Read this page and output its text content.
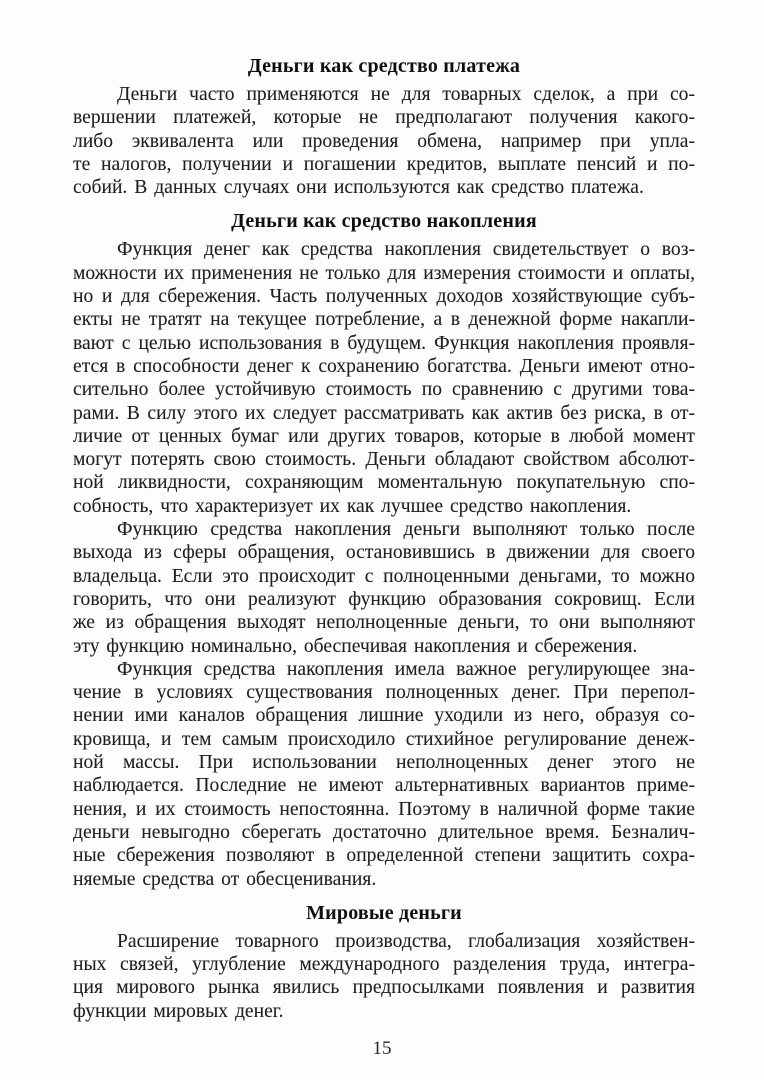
Деньги как средство платежа
Деньги часто применяются не для товарных сделок, а при со-
вершении платежей, которые не предполагают получения какого-
либо эквивалента или проведения обмена, например при упла-
те налогов, получении и погашении кредитов, выплате пенсий и по-
собий. В данных случаях они используются как средство платежа.
Деньги как средство накопления
Функция денег как средства накопления свидетельствует о воз-
можности их применения не только для измерения стоимости и оплаты,
но и для сбережения. Часть полученных доходов хозяйствующие субъ-
екты не тратят на текущее потребление, а в денежной форме накапли-
вают с целью использования в будущем. Функция накопления проявля-
ется в способности денег к сохранению богатства. Деньги имеют отно-
сительно более устойчивую стоимость по сравнению с другими това-
рами. В силу этого их следует рассматривать как актив без риска, в от-
личие от ценных бумаг или других товаров, которые в любой момент
могут потерять свою стоимость. Деньги обладают свойством абсолют-
ной ликвидности, сохраняющим моментальную покупательную спо-
собность, что характеризует их как лучшее средство накопления.
Функцию средства накопления деньги выполняют только после
выхода из сферы обращения, остановившись в движении для своего
владельца. Если это происходит с полноценными деньгами, то можно
говорить, что они реализуют функцию образования сокровищ. Если
же из обращения выходят неполноценные деньги, то они выполняют
эту функцию номинально, обеспечивая накопления и сбережения.
Функция средства накопления имела важное регулирующее зна-
чение в условиях существования полноценных денег. При перепол-
нении ими каналов обращения лишние уходили из него, образуя со-
кровища, и тем самым происходило стихийное регулирование денеж-
ной массы. При использовании неполноценных денег этого не
наблюдается. Последние не имеют альтернативных вариантов приме-
нения, и их стоимость непостоянна. Поэтому в наличной форме такие
деньги невыгодно сберегать достаточно длительное время. Безналич-
ные сбережения позволяют в определенной степени защитить сохра-
няемые средства от обесценивания.
Мировые деньги
Расширение товарного производства, глобализация хозяйствен-
ных связей, углубление международного разделения труда, интегра-
ция мирового рынка явились предпосылками появления и развития
функции мировых денег.
15
